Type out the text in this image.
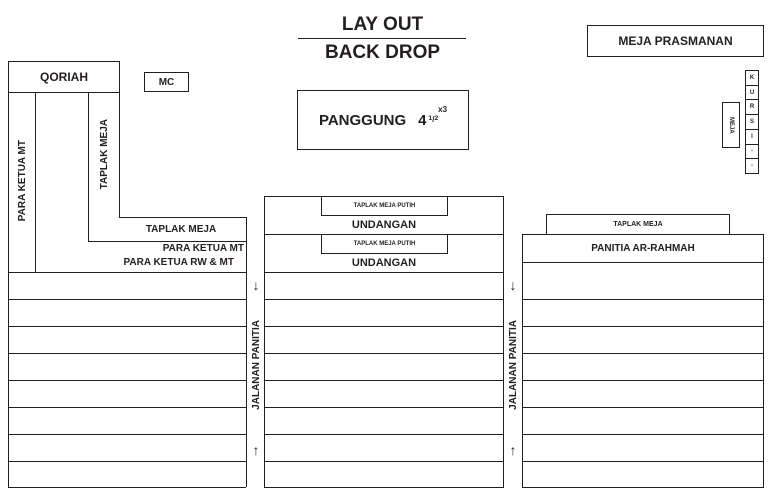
LAY OUT
BACK DROP
MEJA PRASMANAN
K
U
R
S
I
-
-
MEJA
MC
PANGGUNG 4 1 / 2
x3
QORIAH
PARA KETUA MT	TAPLAK MEJA
TAPLAK MEJA
PARA KETUA MT
PARA KETUA RW & MT
TAPLAK MEJA PUTIH
UNDANGAN
TAPLAK MEJA PUTIH
UNDANGAN
TAPLAK MEJA
PANITIA AR-RAHMAH
↓
JALANAN PANITIA
↑
↓
JALANAN PANITIA
↑
